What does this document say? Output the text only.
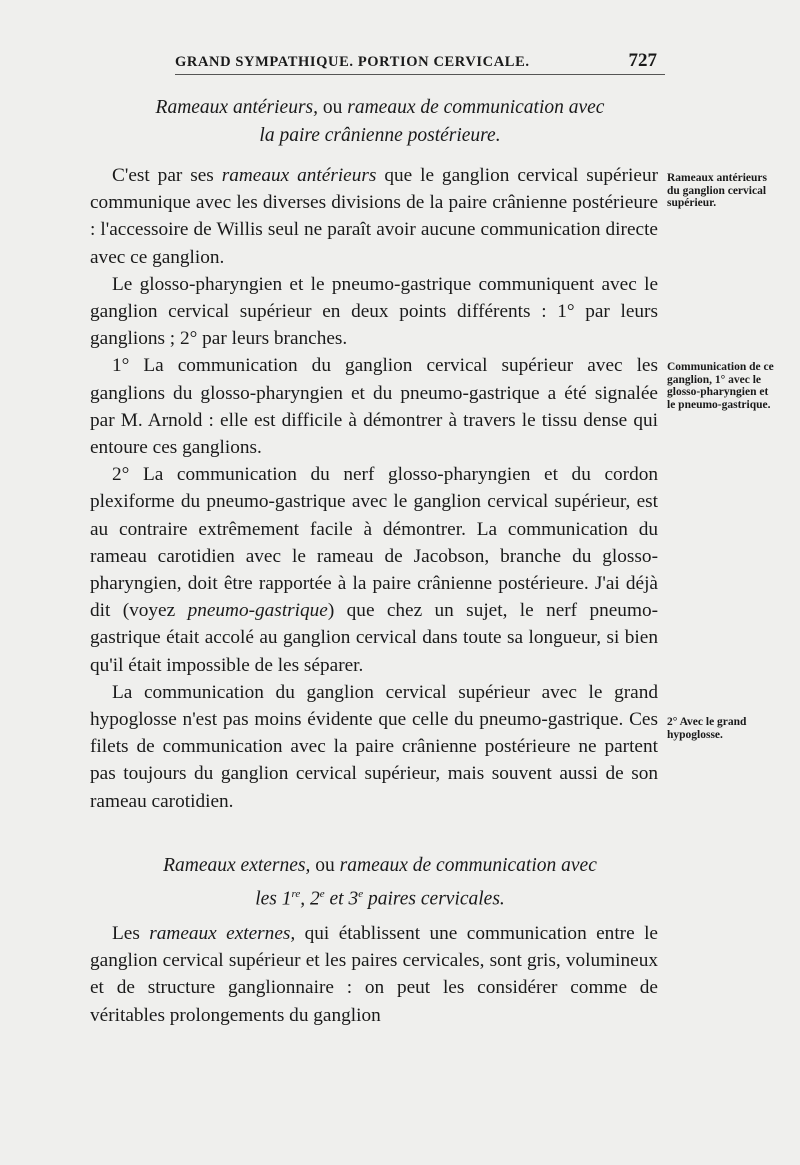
GRAND SYMPATHIQUE. PORTION CERVICALE.	727
Rameaux antérieurs, ou rameaux de communication avec
la paire crânienne postérieure.

C'est par ses rameaux antérieurs que le ganglion cervical supérieur communique avec les diverses divisions de la paire crânienne postérieure : l'accessoire de Willis seul ne paraît avoir aucune communication directe avec ce ganglion.

Le glosso-pharyngien et le pneumo-gastrique communiquent avec le ganglion cervical supérieur en deux points différents : 1° par leurs ganglions ; 2° par leurs branches.

1° La communication du ganglion cervical supérieur avec les ganglions du glosso-pharyngien et du pneumo-gastrique a été signalée par M. Arnold : elle est difficile à démontrer à travers le tissu dense qui entoure ces ganglions.

2° La communication du nerf glosso-pharyngien et du cordon plexiforme du pneumo-gastrique avec le ganglion cervical supérieur, est au contraire extrêmement facile à démontrer. La communication du rameau carotidien avec le rameau de Jacobson, branche du glosso-pharyngien, doit être rapportée à la paire crânienne postérieure. J'ai déjà dit (voyez pneumo-gastrique) que chez un sujet, le nerf pneumo-gastrique était accolé au ganglion cervical dans toute sa longueur, si bien qu'il était impossible de les séparer.

La communication du ganglion cervical supérieur avec le grand hypoglosse n'est pas moins évidente que celle du pneumo-gastrique. Ces filets de communication avec la paire crânienne postérieure ne partent pas toujours du ganglion cervical supérieur, mais souvent aussi de son rameau carotidien.

Rameaux externes, ou rameaux de communication avec
les 1re, 2e et 3e paires cervicales.

Les rameaux externes, qui établissent une communication entre le ganglion cervical supérieur et les paires cervicales, sont gris, volumineux et de structure ganglionnaire : on peut les considérer comme de véritables prolongements du ganglion

Rameaux antérieurs du ganglion cervical supérieur.
Communication de ce ganglion, 1° avec le glosso-pharyngien et le pneumo-gastrique.
2° Avec le grand hypoglosse.
